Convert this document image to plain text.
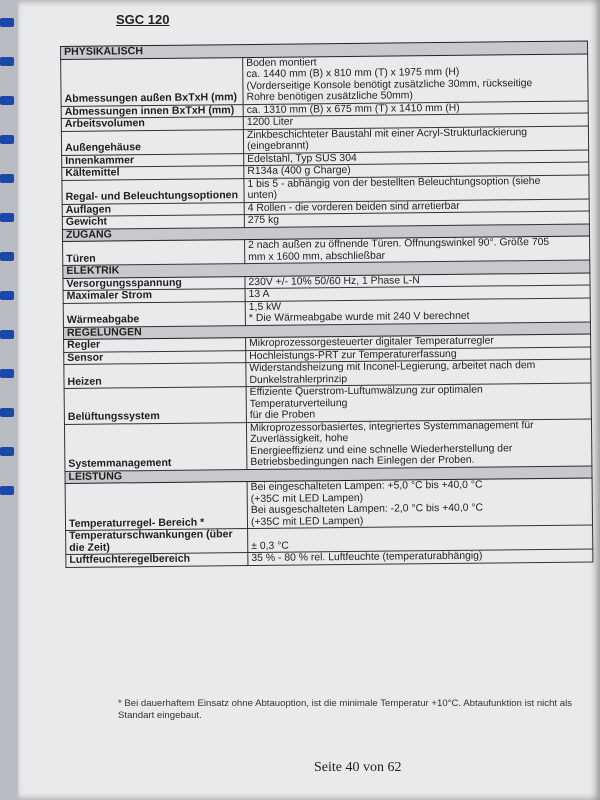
SGC 120
PHYSIKALISCH	
Abmessungen außen BxTxH (mm)	Boden montiert
ca. 1440 mm (B) x 810 mm (T) x 1975 mm (H)
(Vorderseitige Konsole benötigt zusätzliche 30mm, rückseitige
Rohre benötigen zusätzliche 50mm)

Abmessungen innen BxTxH (mm)	ca. 1310 mm (B) x 675 mm (T) x 1410 mm (H)

Arbeitsvolumen	1200 Liter

Außengehäuse	Zinkbeschichteter Baustahl mit einer Acryl-Strukturlackierung
(eingebrannt)

Innenkammer	Edelstahl, Typ SUS 304

Kältemittel	R134a (400 g Charge)

Regal- und Beleuchtungsoptionen	1 bis 5 - abhängig von der bestellten Beleuchtungsoption (siehe
unten)

Auflagen	4 Rollen - die vorderen beiden sind arretierbar

Gewicht	275 kg

ZUGANG	
Türen	2 nach außen zu öffnende Türen. Öffnungswinkel 90°. Größe 705
mm x 1600 mm, abschließbar

ELEKTRIK	
Versorgungsspannung	230V +/- 10% 50/60 Hz, 1 Phase L-N

Maximaler Strom	13 A

Wärmeabgabe	1,5 kW
* Die Wärmeabgabe wurde mit 240 V berechnet

REGELUNGEN	
Regler	Mikroprozessorgesteuerter digitaler Temperaturregler

Sensor	Hochleistungs-PRT zur Temperaturerfassung

Heizen	Widerstandsheizung mit Inconel-Legierung, arbeitet nach dem
Dunkelstrahlerprinzip

Belüftungssystem	Effiziente Querstrom-Luftumwälzung zur optimalen
Temperaturverteilung
für die Proben

Systemmanagement	Mikroprozessorbasiertes, integriertes Systemmanagement für
Zuverlässigkeit, hohe
Energieeffizienz und eine schnelle Wiederherstellung der
Betriebsbedingungen nach Einlegen der Proben.

LEISTUNG	
Temperaturregel- Bereich *	Bei eingeschalteten Lampen: +5,0 °C bis +40,0 °C
(+35C mit LED Lampen)
Bei ausgeschalteten Lampen: -2,0 °C bis +40,0 °C
(+35C mit LED Lampen)

Temperaturschwankungen (über die Zeit)	± 0,3 °C

Luftfeuchteregelbereich	35 % - 80 % rel. Luftfeuchte (temperaturabhängig)
* Bei dauerhaftem Einsatz ohne Abtauoption, ist die minimale Temperatur +10°C. Abtaufunktion ist nicht als Standart eingebaut.
Seite 40 von 62
